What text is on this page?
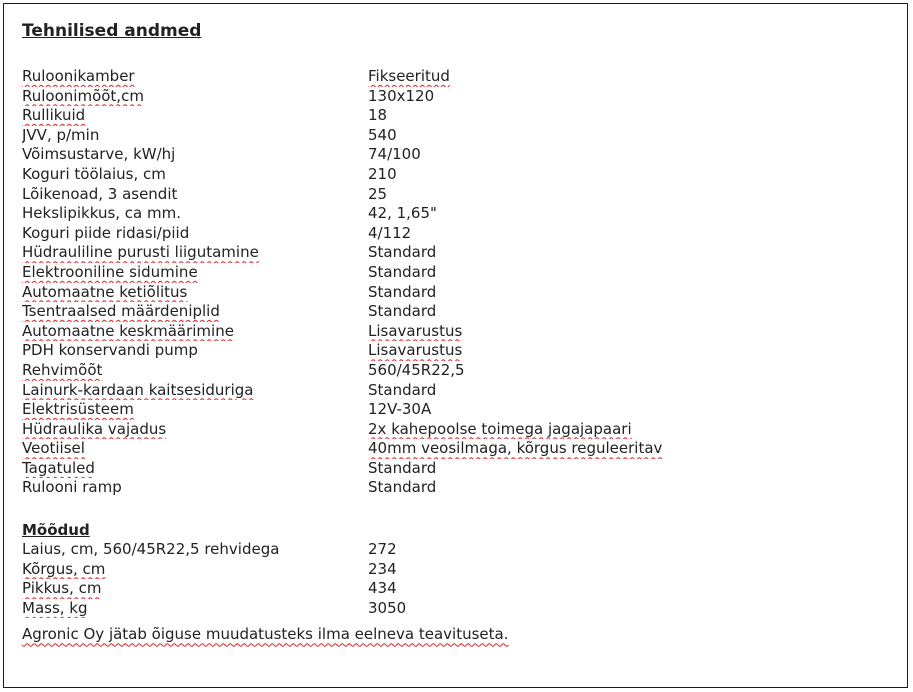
Tehnilised andmed
Ruloonikamber	Fikseeritud
Ruloonimõõt,cm	130x120
Rullikuid	18
JVV, p/min	540
Võimsustarve, kW/hj	74/100
Koguri töölaius, cm	210
Lõikenoad, 3 asendit	25
Hekslipikkus, ca mm.	42, 1,65"
Koguri piide ridasi/piid	4/112
Hüdrauliline purusti liigutamine	Standard
Elektrooniline sidumine	Standard
Automaatne ketiõlitus	Standard
Tsentraalsed määrdeniplid	Standard
Automaatne keskmäärimine	Lisavarustus
PDH konservandi pump	Lisavarustus
Rehvimõõt	560/45R22,5
Lainurk-kardaan kaitsesiduriga	Standard
Elektrisüsteem	12V-30A
Hüdraulika vajadus	2x kahepoolse toimega jagajapaari
Veotiisel	40mm veosilmaga, kõrgus reguleeritav
Tagatuled	Standard
Rulooni ramp	Standard
Mõõdud
Laius, cm, 560/45R22,5 rehvidega	272
Kõrgus, cm	234
Pikkus, cm	434
Mass, kg	3050
Agronic Oy jätab õiguse muudatusteks ilma eelneva teavituseta.
